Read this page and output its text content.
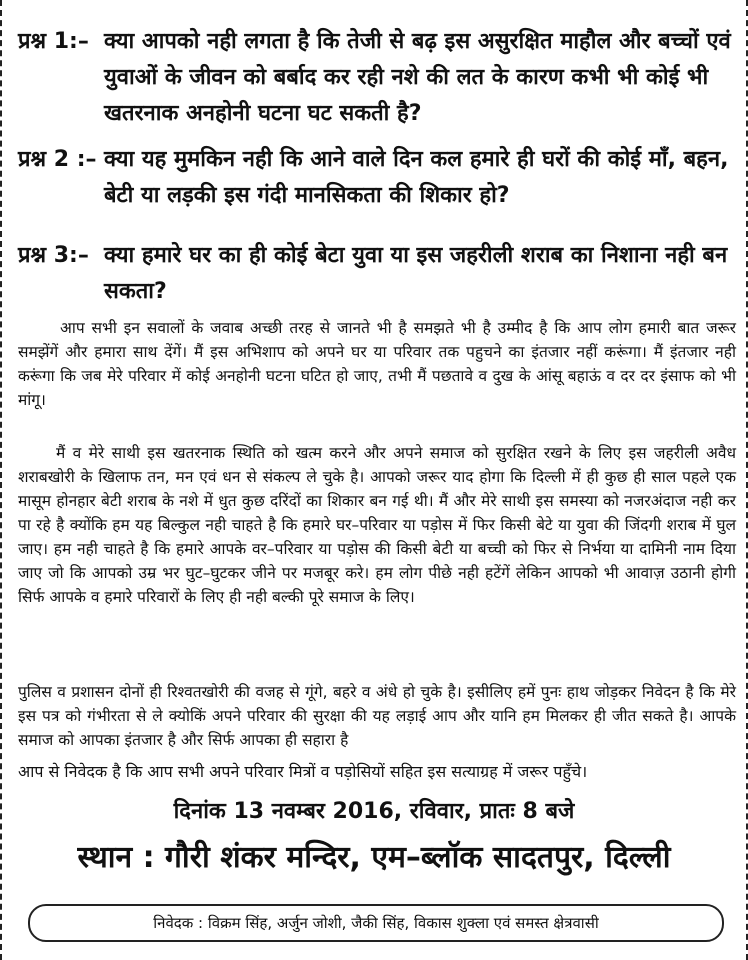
प्रश्न 1:– क्या आपको नही लगता है कि तेजी से बढ़ इस असुरक्षित माहौल और बच्चों एवं युवाओं के जीवन को बर्बाद कर रही नशे की लत के कारण कभी भी कोई भी खतरनाक अनहोनी घटना घट सकती है?
प्रश्न 2 :– क्या यह मुमकिन नही कि आने वाले दिन कल हमारे ही घरों की कोई माँ, बहन, बेटी या लड़की इस गंदी मानसिकता की शिकार हो?
प्रश्न 3:– क्या हमारे घर का ही कोई बेटा युवा या इस जहरीली शराब का निशाना नही बन सकता?

आप सभी इन सवालों के जवाब अच्छी तरह से जानते भी है समझते भी है उम्मीद है कि आप लोग हमारी बात जरूर समझेंगें और हमारा साथ देंगें। मैं इस अभिशाप को अपने घर या परिवार तक पहुचने का इंतजार नहीं करूंगा। मैं इंतजार नही करूंगा कि जब मेरे परिवार में कोई अनहोनी घटना घटित हो जाए, तभी मैं पछतावे व दुख के आंसू बहाऊं व दर दर इंसाफ को भी मांगू।

मैं व मेरे साथी इस खतरनाक स्थिति को खत्म करने और अपने समाज को सुरक्षित रखने के लिए इस जहरीली अवैध शराबखोरी के खिलाफ तन, मन एवं धन से संकल्प ले चुके है। आपको जरूर याद होगा कि दिल्ली में ही कुछ ही साल पहले एक मासूम होनहार बेटी शराब के नशे में धुत कुछ दरिंदों का शिकार बन गई थी। मैं और मेरे साथी इस समस्या को नजरअंदाज नही कर पा रहे है क्योंकि हम यह बिल्कुल नही चाहते है कि हमारे घर–परिवार या पड़ोस में फिर किसी बेटे या युवा की जिंदगी शराब में घुल जाए। हम नही चाहते है कि हमारे आपके वर–परिवार या पड़ोस की किसी बेटी या बच्ची को फिर से निर्भया या दामिनी नाम दिया जाए जो कि आपको उम्र भर घुट–घुटकर जीने पर मजबूर करे। हम लोग पीछे नही हटेंगें लेकिन आपको भी आवाज़ उठानी होगी सिर्फ आपके व हमारे परिवारों के लिए ही नही बल्की पूरे समाज के लिए।

पुलिस व प्रशासन दोनों ही रिश्वतखोरी की वजह से गूंगे, बहरे व अंधे हो चुके है। इसीलिए हमें पुनः हाथ जोड़कर निवेदन है कि मेरे इस पत्र को गंभीरता से ले क्योकिं अपने परिवार की सुरक्षा की यह लड़ाई आप और यानि हम मिलकर ही जीत सकते है। आपके समाज को आपका इंतजार है और सिर्फ आपका ही सहारा है

आप से निवेदक है कि आप सभी अपने परिवार मित्रों व पड़ोसियों सहित इस सत्याग्रह में जरूर पहुँचे।

दिनांक 13 नवम्बर 2016, रविवार, प्रातः 8 बजे
स्थान : गौरी शंकर मन्दिर, एम–ब्लॉक सादतपुर, दिल्ली
निवेदक : विक्रम सिंह, अर्जुन जोशी, जैकी सिंह, विकास शुक्ला एवं समस्त क्षेत्रवासी
